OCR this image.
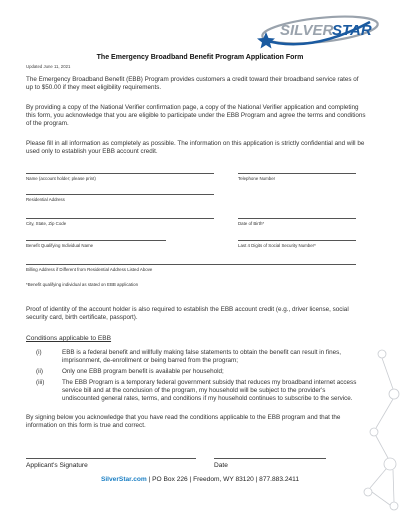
SILVER
STAR
The Emergency Broadband Benefit Program Application Form
Updated June 11, 2021
The Emergency Broadband Benefit (EBB) Program provides customers a credit toward their broadband service rates of up to $50.00 if they meet eligibility requirements.
By providing a copy of the National Verifier confirmation page, a copy of the National Verifier application and completing this form, you acknowledge that you are eligible to participate under the EBB Program and agree the terms and conditions of the program.
Please fill in all information as completely as possible. The information on this application is strictly confidential and will be used only to establish your EBB account credit.
Name (account holder; please print)	Telephone Number
Residential Address
City, State, Zip Code	Date of Birth*
Benefit Qualifying Individual Name	Last 4 Digits of Social Security Number*
Billing Address if Different from Residential Address Listed Above
*Benefit qualifying individual as stated on EBB application
Proof of identity of the account holder is also required to establish the EBB account credit (e.g., driver license, social security card, birth certificate, passport).
Conditions applicable to EBB
(i)	EBB is a federal benefit and willfully making false statements to obtain the benefit can result in fines, imprisonment, de-enrollment or being barred from the program;
(ii)	Only one EBB program benefit is available per household;
(iii)	The EBB Program is a temporary federal government subsidy that reduces my broadband internet access service bill and at the conclusion of the program, my household will be subject to the provider's undiscounted general rates, terms, and conditions if my household continues to subscribe to the service.
By signing below you acknowledge that you have read the conditions applicable to the EBB program and that the information on this form is true and correct.
Applicant's Signature	Date
SilverStar.com | PO Box 226 | Freedom, WY 83120 | 877.883.2411
